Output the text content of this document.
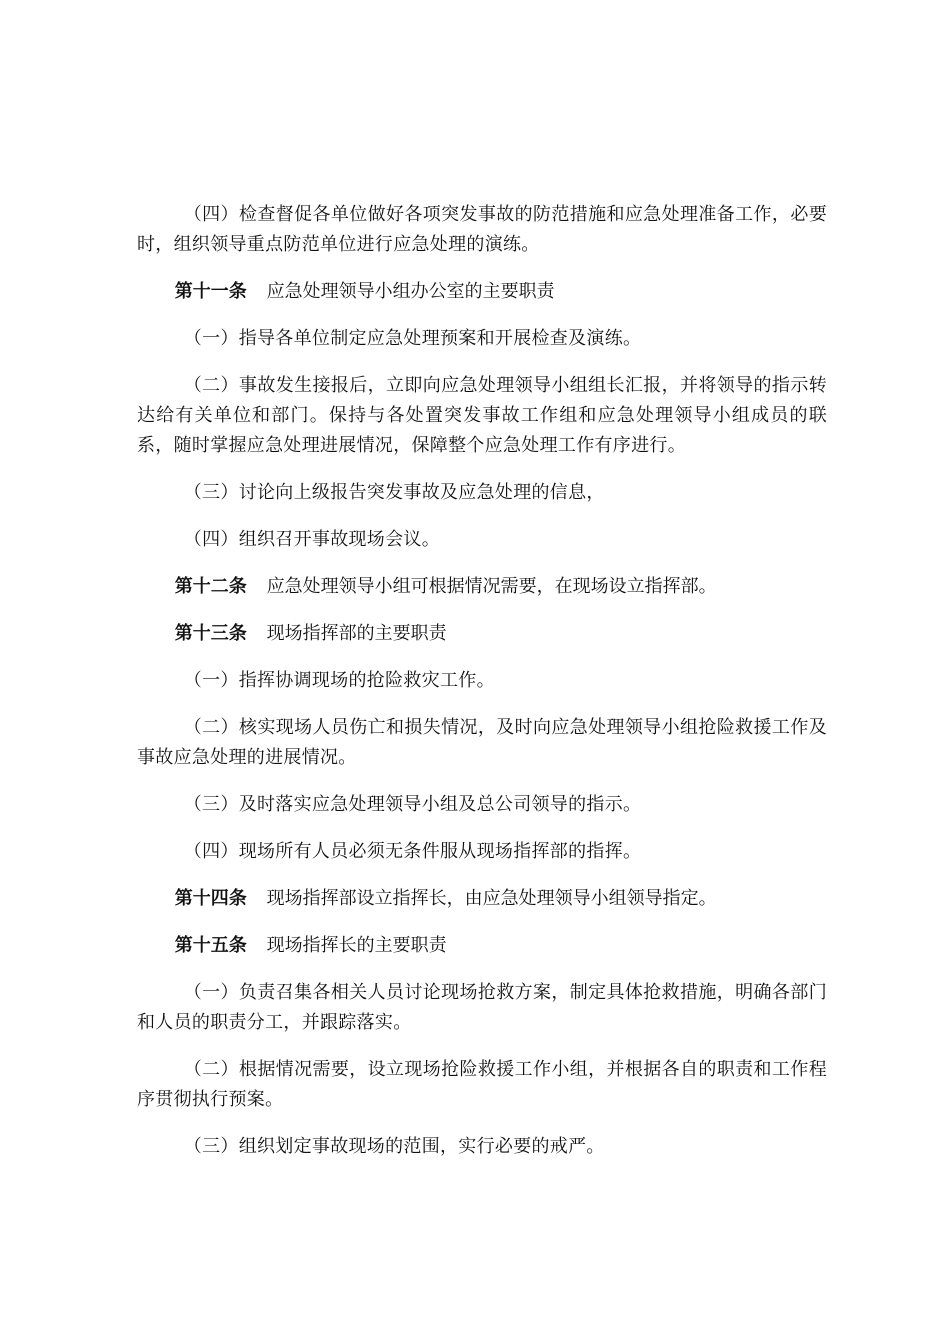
（四）检查督促各单位做好各项突发事故的防范措施和应急处理准备工作，必要时，组织领导重点防范单位进行应急处理的演练。

第十一条 应急处理领导小组办公室的主要职责

（一）指导各单位制定应急处理预案和开展检查及演练。

（二）事故发生接报后，立即向应急处理领导小组组长汇报，并将领导的指示转达给有关单位和部门。保持与各处置突发事故工作组和应急处理领导小组成员的联系，随时掌握应急处理进展情况，保障整个应急处理工作有序进行。

（三）讨论向上级报告突发事故及应急处理的信息，

（四）组织召开事故现场会议。

第十二条 应急处理领导小组可根据情况需要，在现场设立指挥部。

第十三条 现场指挥部的主要职责

（一）指挥协调现场的抢险救灾工作。

（二）核实现场人员伤亡和损失情况，及时向应急处理领导小组抢险救援工作及事故应急处理的进展情况。

（三）及时落实应急处理领导小组及总公司领导的指示。

（四）现场所有人员必须无条件服从现场指挥部的指挥。

第十四条 现场指挥部设立指挥长，由应急处理领导小组领导指定。

第十五条 现场指挥长的主要职责

（一）负责召集各相关人员讨论现场抢救方案，制定具体抢救措施，明确各部门和人员的职责分工，并跟踪落实。

（二）根据情况需要，设立现场抢险救援工作小组，并根据各自的职责和工作程序贯彻执行预案。

（三）组织划定事故现场的范围，实行必要的戒严。
